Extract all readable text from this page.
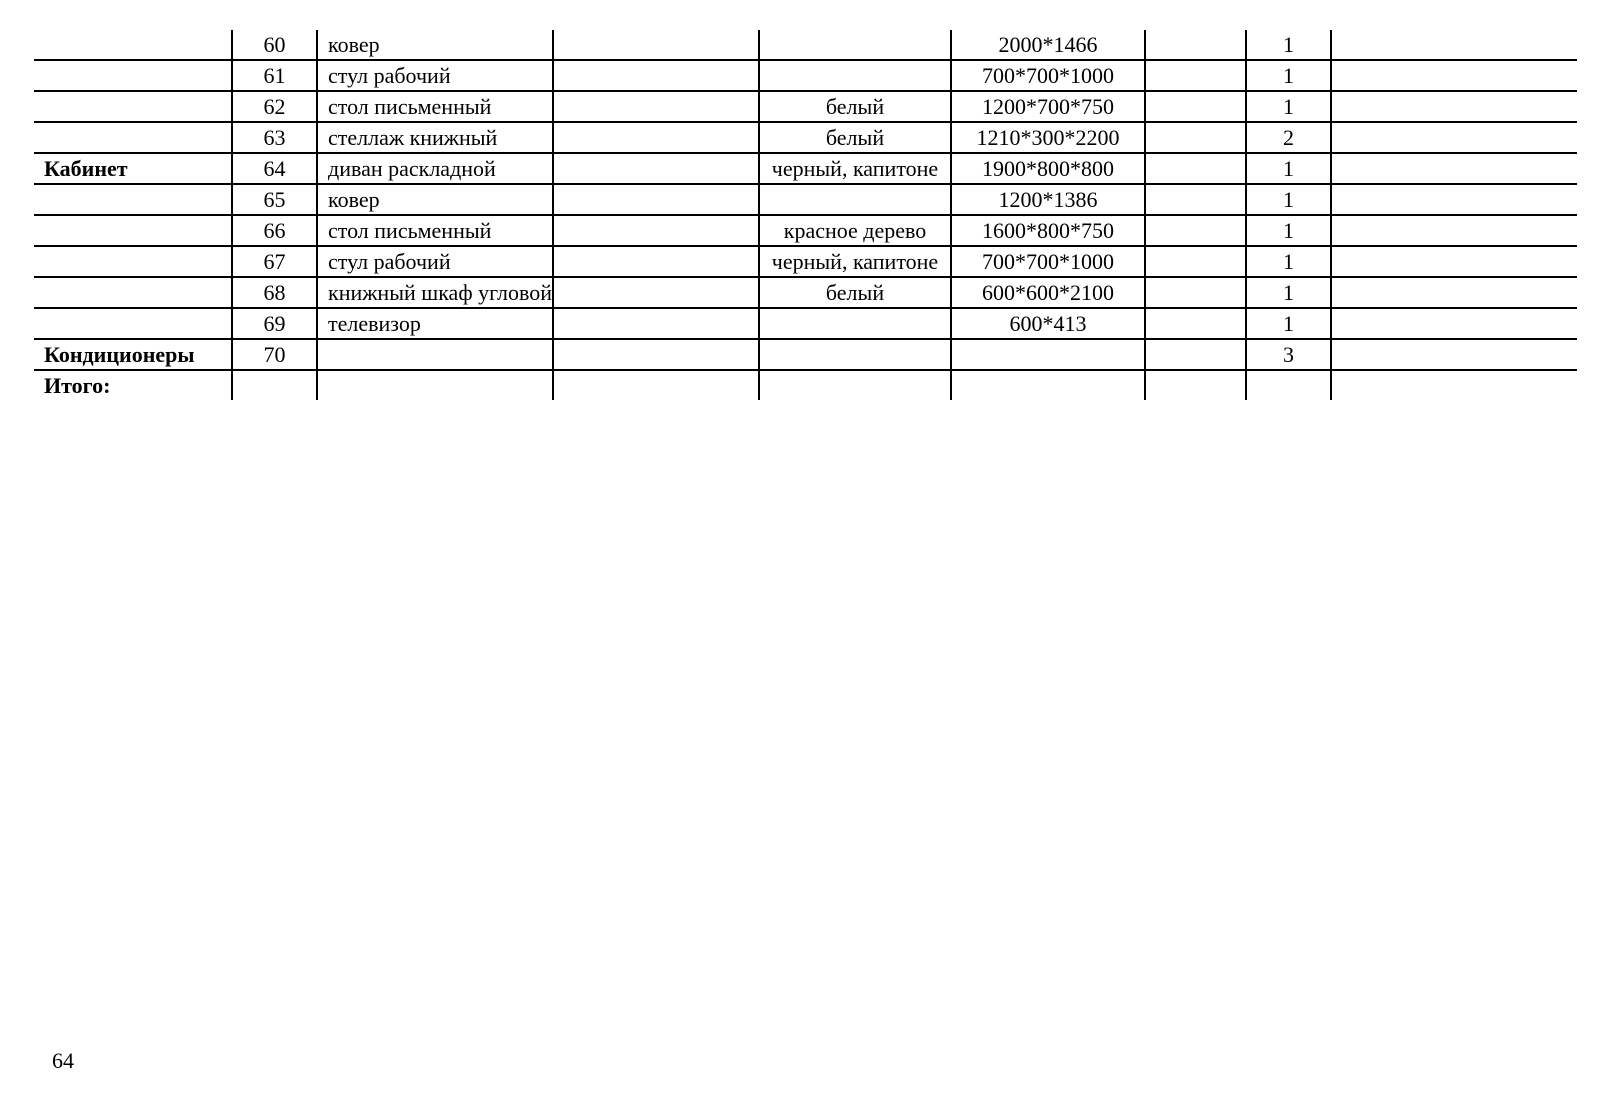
	60	ковер			2000*1466		1	
	61	стул рабочий			700*700*1000		1	
	62	стол письменный		белый	1200*700*750		1	
	63	стеллаж книжный		белый	1210*300*2200		2	
Кабинет	64	диван раскладной		черный, капитоне	1900*800*800		1	
	65	ковер			1200*1386		1	
	66	стол письменный		красное дерево	1600*800*750		1	
	67	стул рабочий		черный, капитоне	700*700*1000		1	
	68	книжный шкаф угловой		белый	600*600*2100		1	
	69	телевизор			600*413		1	
Кондиционеры	70						3	
Итого:								
64
